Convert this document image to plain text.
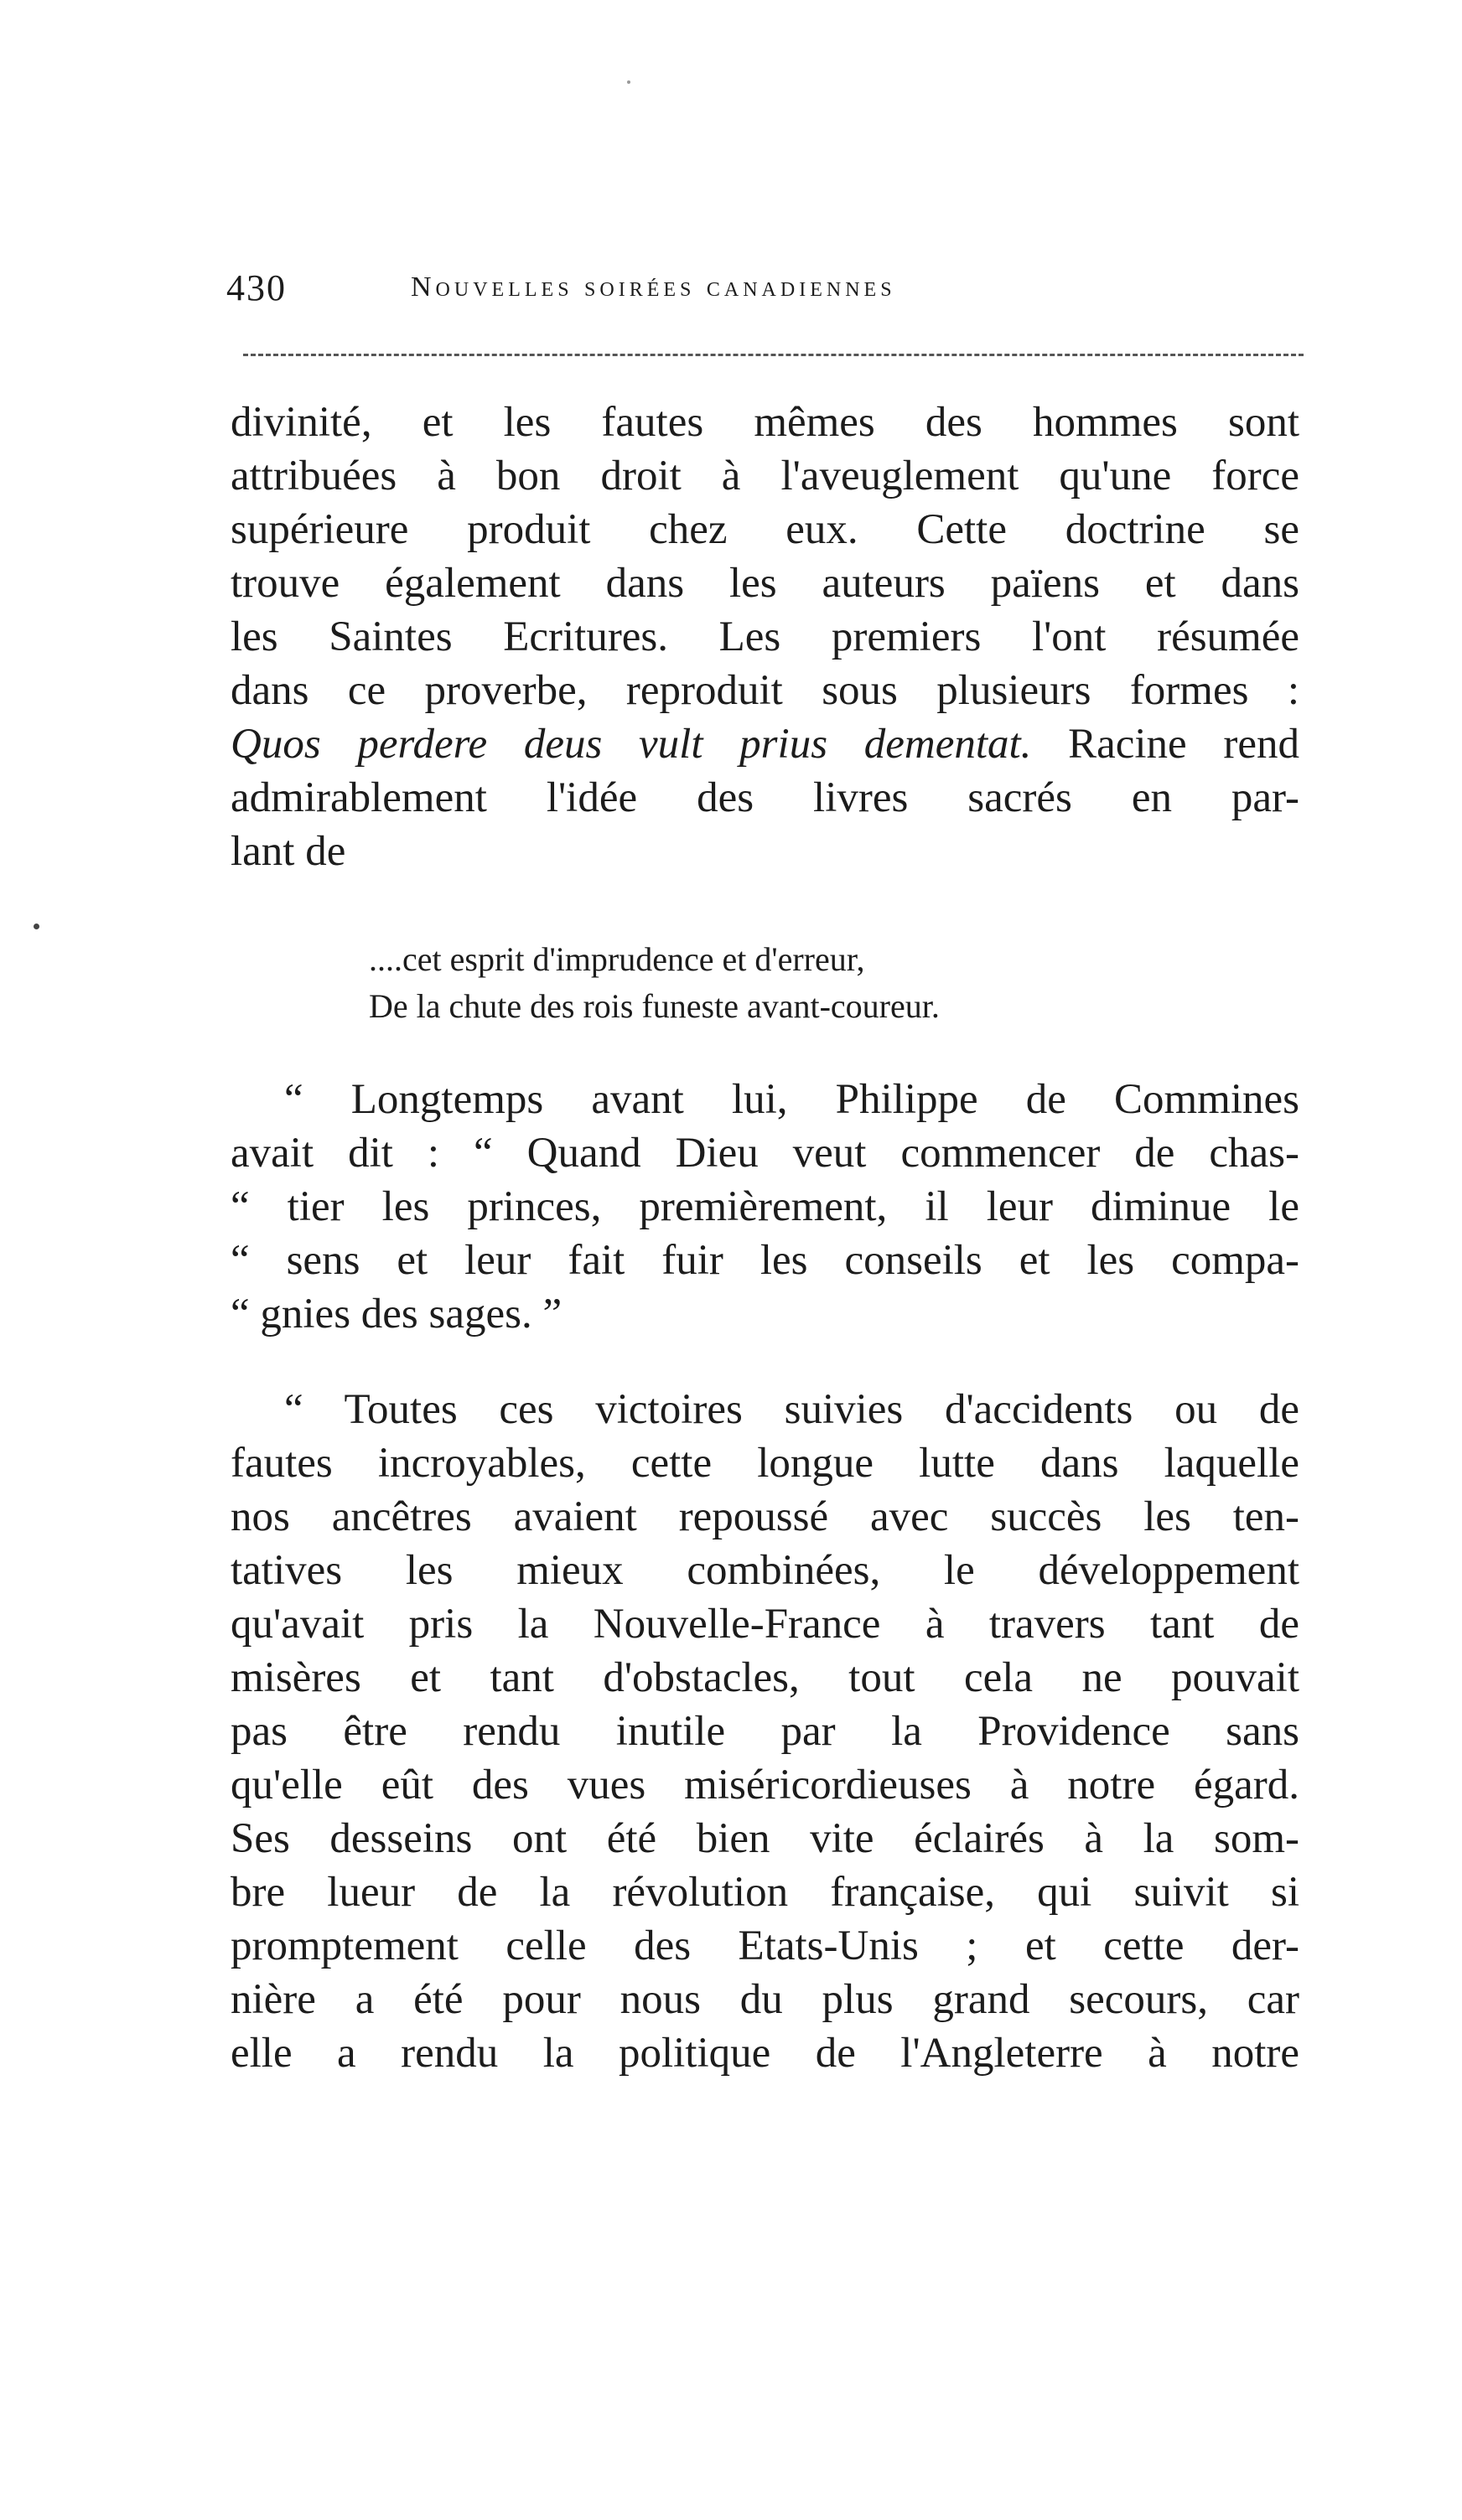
430	Nouvelles soirées canadiennes
divinité, et les fautes mêmes des hommes sont
attribuées à bon droit à l'aveuglement qu'une force
supérieure produit chez eux. Cette doctrine se
trouve également dans les auteurs païens et dans
les Saintes Ecritures. Les premiers l'ont résumée
dans ce proverbe, reproduit sous plusieurs formes :
Quos perdere deus vult prius dementat. Racine rend
admirablement l'idée des livres sacrés en par-
lant de
....cet esprit d'imprudence et d'erreur,
De la chute des rois funeste avant-coureur.
“ Longtemps avant lui, Philippe de Commines
avait dit : “ Quand Dieu veut commencer de chas-
“ tier les princes, premièrement, il leur diminue le
“ sens et leur fait fuir les conseils et les compa-
“ gnies des sages. ”
“ Toutes ces victoires suivies d'accidents ou de
fautes incroyables, cette longue lutte dans laquelle
nos ancêtres avaient repoussé avec succès les ten-
tatives les mieux combinées, le développement
qu'avait pris la Nouvelle-France à travers tant de
misères et tant d'obstacles, tout cela ne pouvait
pas être rendu inutile par la Providence sans
qu'elle eût des vues miséricordieuses à notre égard.
Ses desseins ont été bien vite éclairés à la som-
bre lueur de la révolution française, qui suivit si
promptement celle des Etats-Unis ; et cette der-
nière a été pour nous du plus grand secours, car
elle a rendu la politique de l'Angleterre à notre
